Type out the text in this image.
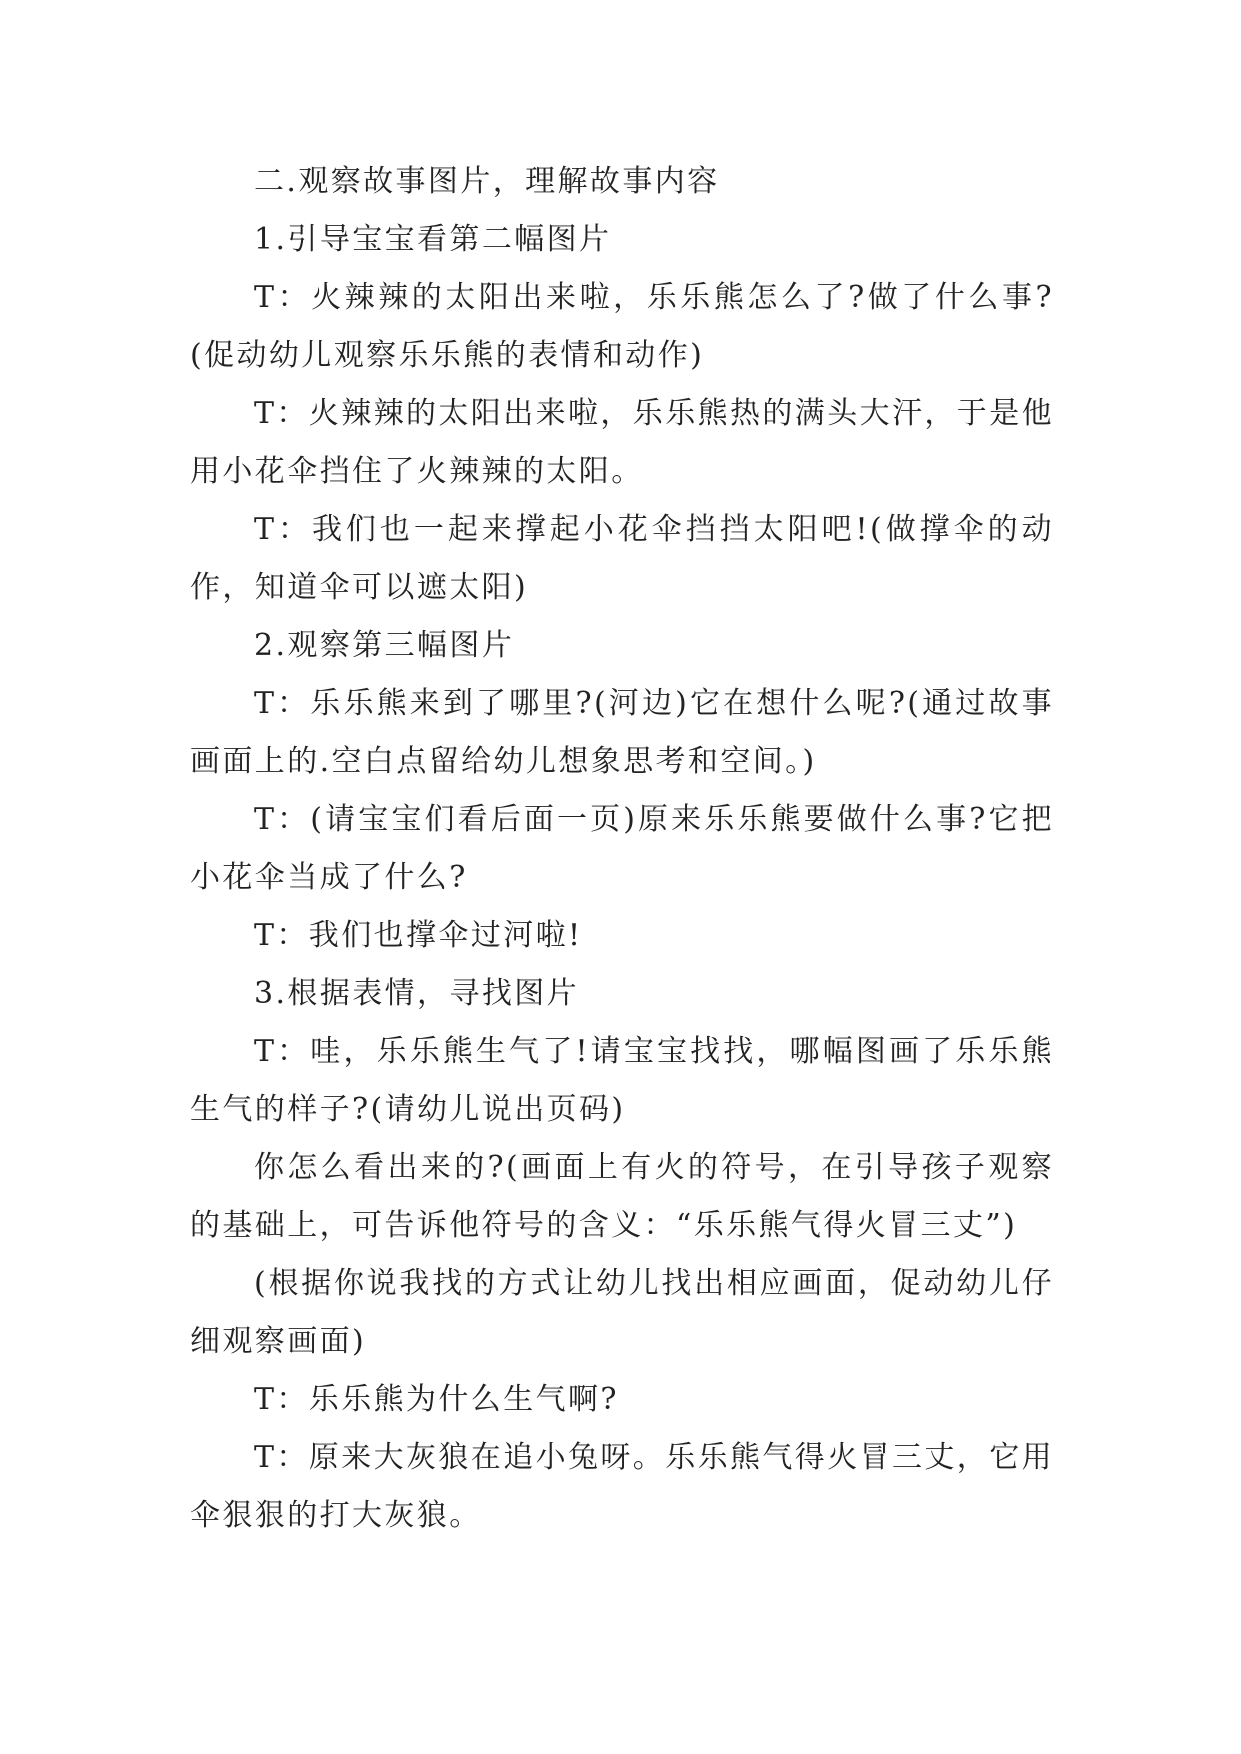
二.观察故事图片，理解故事内容

1.引导宝宝看第二幅图片

T：火辣辣的太阳出来啦，乐乐熊怎么了?做了什么事?(促动幼儿观察乐乐熊的表情和动作)

T：火辣辣的太阳出来啦，乐乐熊热的满头大汗，于是他用小花伞挡住了火辣辣的太阳。

T：我们也一起来撑起小花伞挡挡太阳吧!(做撑伞的动作，知道伞可以遮太阳)

2.观察第三幅图片

T：乐乐熊来到了哪里?(河边)它在想什么呢?(通过故事画面上的.空白点留给幼儿想象思考和空间。)

T：(请宝宝们看后面一页)原来乐乐熊要做什么事?它把小花伞当成了什么?

T：我们也撑伞过河啦!

3.根据表情，寻找图片

T：哇，乐乐熊生气了!请宝宝找找，哪幅图画了乐乐熊生气的样子?(请幼儿说出页码)

你怎么看出来的?(画面上有火的符号，在引导孩子观察的基础上，可告诉他符号的含义：“乐乐熊气得火冒三丈”)

(根据你说我找的方式让幼儿找出相应画面，促动幼儿仔细观察画面)

T：乐乐熊为什么生气啊?

T：原来大灰狼在追小兔呀。乐乐熊气得火冒三丈，它用伞狠狠的打大灰狼。
